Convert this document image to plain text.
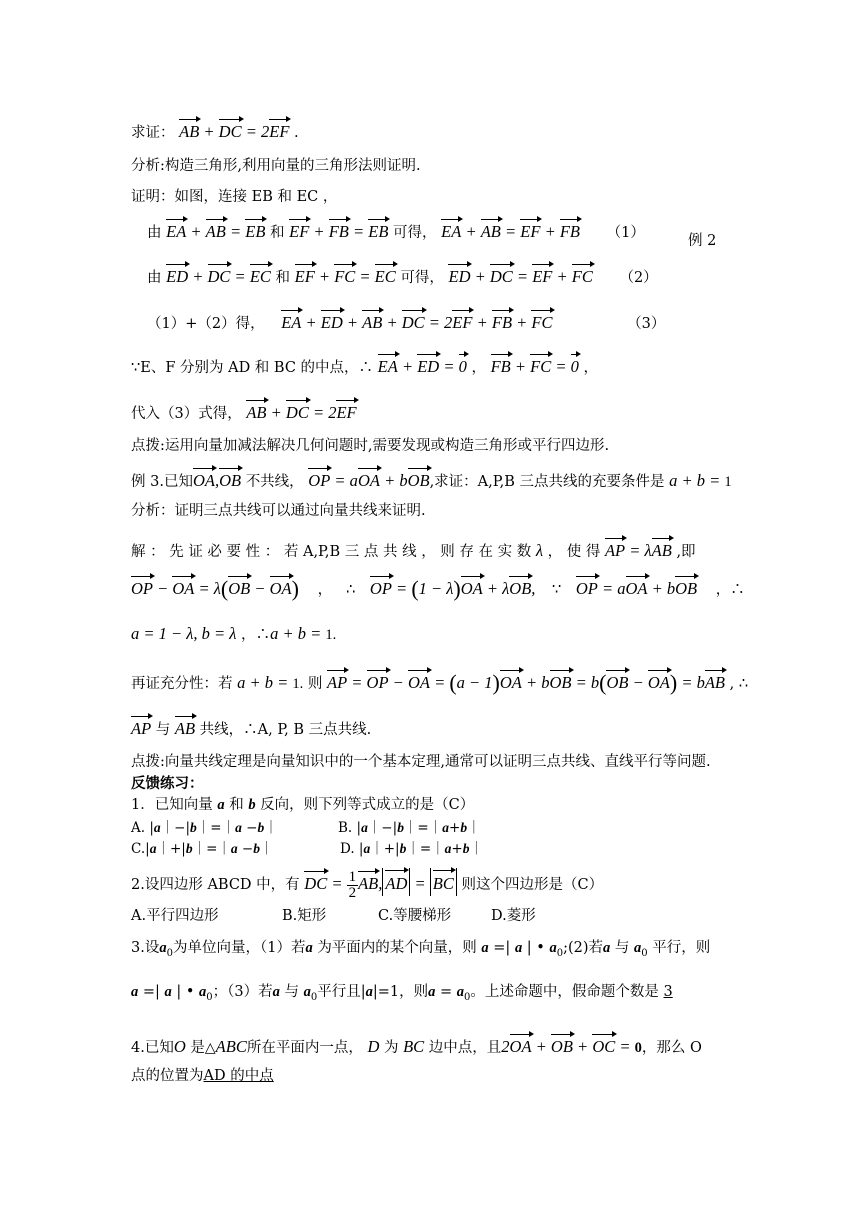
求证： AB + DC = 2EF .
分析:构造三角形,利用向量的三角形法则证明.
证明：如图，连接 EB 和 EC ，
由 EA + AB = EB 和 EF + FB = EB 可得， EA + AB = EF + FB （1）	例 2
由 ED + DC = EC 和 EF + FC = EC 可得， ED + DC = EF + FC （2）
（1）+（2）得， EA + ED + AB + DC = 2EF + FB + FC	（3）
∵E、F 分别为 AD 和 BC 的中点，∴ EA + ED = 0 ， FB + FC = 0 ，
代入（3）式得， AB + DC = 2EF
点拨:运用向量加减法解决几何问题时,需要发现或构造三角形或平行四边形.
例 3.已知OA,OB 不共线， OP = aOA + bOB,求证：A,P,B 三点共线的充要条件是 a + b = 1
分析：证明三点共线可以通过向量共线来证明.
解 ： 先 证 必 要 性 ： 若 A,P,B 三 点 共 线 ， 则 存 在 实 数 λ ， 使 得 AP = λAB ,即
OP − OA = λ(OB − OA) ， ∴ OP = (1 − λ)OA + λOB, ∵ OP = aOA + bOB ，∴
a = 1 − λ, b = λ ，∴a + b = 1.
再证充分性：若 a + b = 1. 则 AP = OP − OA = (a − 1)OA + bOB = b(OB − OA) = bAB , ∴
AP 与 AB 共线，∴A, P, B 三点共线.
点拨:向量共线定理是向量知识中的一个基本定理,通常可以证明三点共线、直线平行等问题.
反馈练习：
1．已知向量 a 和 b 反向，则下列等式成立的是（C）
A. |a｜−|b｜=｜a −b｜	B. |a｜−|b｜=｜a+b｜
C.|a｜+|b｜=｜a −b｜	D. |a｜+|b｜=｜a+b｜
2.设四边形 ABCD 中，有 DC = $\frac{1}{2}$ AB, AD = BC 则这个四边形是（C）
A.平行四边形	B.矩形	C.等腰梯形	D.菱形
3.设$a_0$为单位向量，（1）若a 为平面内的某个向量，则 a =| a | • $a_0;(2)$若a 与 $a_0$ 平行，则
a =| a | • $a_0$；（3）若a 与 $a_0$平行且|a|=1，则$a = a_0$。上述命题中，假命题个数是 3
4.已知O 是△ABC所在平面内一点， D 为 BC 边中点，且2OA + OB + OC = 0，那么 O
点的位置为AD 的中点
